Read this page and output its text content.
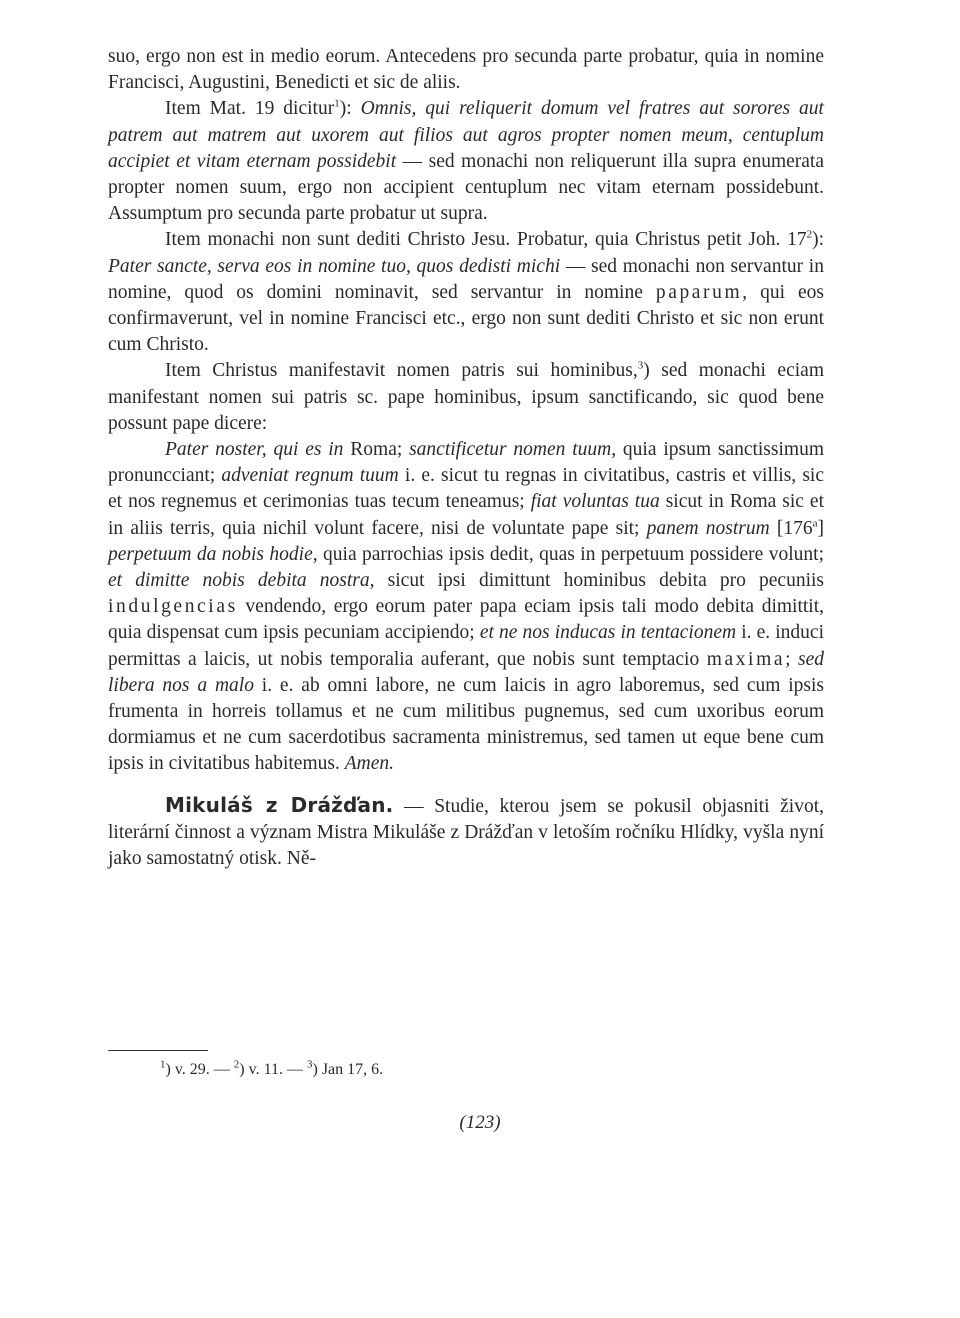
suo, ergo non est in medio eorum. Antecedens pro secunda parte probatur, quia in nomine Francisci, Augustini, Benedicti et sic de aliis.

Item Mat. 19 dicitur$^1$): Omnis, qui reliquerit domum vel fratres aut sorores aut patrem aut matrem aut uxorem aut filios aut agros propter nomen meum, centuplum accipiet et vitam eternam possidebit — sed monachi non reliquerunt illa supra enumerata propter nomen suum, ergo non accipient centuplum nec vitam eternam possidebunt. Assumptum pro secunda parte probatur ut supra.

Item monachi non sunt dediti Christo Jesu. Probatur, quia Christus petit Joh. $17^2$): Pater sancte, serva eos in nomine tuo, quos dedisti michi — sed monachi non servantur in nomine, quod os domini nominavit, sed servantur in nomine paparum, qui eos confirmaverunt, vel in nomine Francisci etc., ergo non sunt dediti Christo et sic non erunt cum Christo.

Item Christus manifestavit nomen patris sui hominibus,$^3$) sed monachi eciam manifestant nomen sui patris sc. pape hominibus, ipsum sanctificando, sic quod bene possunt pape dicere:

Pater noster, qui es in Roma; sanctificetur nomen tuum, quia ipsum sanctissimum pronuncciant; adveniat regnum tuum i. e. sicut tu regnas in civitatibus, castris et villis, sic et nos regnemus et cerimonias tuas tecum teneamus; fiat voluntas tua sicut in Roma sic et in aliis terris, quia nichil volunt facere, nisi de voluntate pape sit; panem nostrum [176$^a$] perpetuum da nobis hodie, quia parrochias ipsis dedit, quas in perpetuum possidere volunt; et dimitte nobis debita nostra, sicut ipsi dimittunt hominibus debita pro pecuniis indulgencias vendendo, ergo eorum pater papa eciam ipsis tali modo debita dimittit, quia dispensat cum ipsis pecuniam accipiendo; et ne nos inducas in tentacionem i. e. induci permittas a laicis, ut nobis temporalia auferant, que nobis sunt temptacio maxima; sed libera nos a malo i. e. ab omni labore, ne cum laicis in agro laboremus, sed cum ipsis frumenta in horreis tollamus et ne cum militibus pugnemus, sed cum uxoribus eorum dormiamus et ne cum sacerdotibus sacramenta ministremus, sed tamen ut eque bene cum ipsis in civitatibus habitemus. Amen.

Mikuláš z Drážďan. — Studie, kterou jsem se pokusil objasniti život, literární činnost a význam Mistra Mikuláše z Drážďan v letoším ročníku Hlídky, vyšla nyní jako samostatný otisk. Ně-

$^1$) v. 29. — $^2$) v. 11. — $^3$) Jan 17, 6.
(123)
